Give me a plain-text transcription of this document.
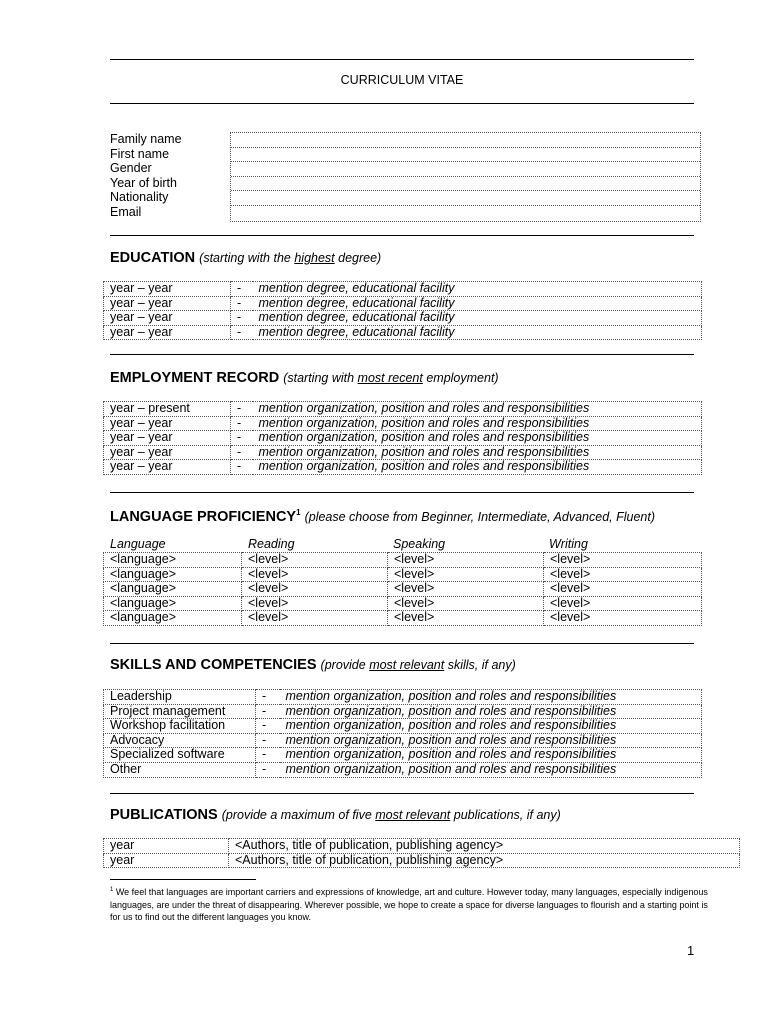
CURRICULUM VITAE
Family name
First name
Gender
Year of birth
Nationality
Email
EDUCATION (starting with the highest degree)
year – year	-	mention degree, educational facility
year – year	-	mention degree, educational facility
year – year	-	mention degree, educational facility
year – year	-	mention degree, educational facility
EMPLOYMENT RECORD (starting with most recent employment)
year – present	-	mention organization, position and roles and responsibilities
year – year	-	mention organization, position and roles and responsibilities
year – year	-	mention organization, position and roles and responsibilities
year – year	-	mention organization, position and roles and responsibilities
year – year	-	mention organization, position and roles and responsibilities
LANGUAGE PROFICIENCY$^1$ (please choose from Beginner, Intermediate, Advanced, Fluent)
Language	Reading	Speaking	Writing
<language>	<level>	<level>	<level>
<language>	<level>	<level>	<level>
<language>	<level>	<level>	<level>
<language>	<level>	<level>	<level>
<language>	<level>	<level>	<level>
SKILLS AND COMPETENCIES (provide most relevant skills, if any)
Leadership	-	mention organization, position and roles and responsibilities
Project management	-	mention organization, position and roles and responsibilities
Workshop facilitation	-	mention organization, position and roles and responsibilities
Advocacy	-	mention organization, position and roles and responsibilities
Specialized software	-	mention organization, position and roles and responsibilities
Other	-	mention organization, position and roles and responsibilities
PUBLICATIONS (provide a maximum of five most relevant publications, if any)
year	<Authors, title of publication, publishing agency>
year	<Authors, title of publication, publishing agency>
$^1$ We feel that languages are important carriers and expressions of knowledge, art and culture. However today, many languages, especially indigenous languages, are under the threat of disappearing. Wherever possible, we hope to create a space for diverse languages to flourish and a starting point is for us to find out the different languages you know.
1
